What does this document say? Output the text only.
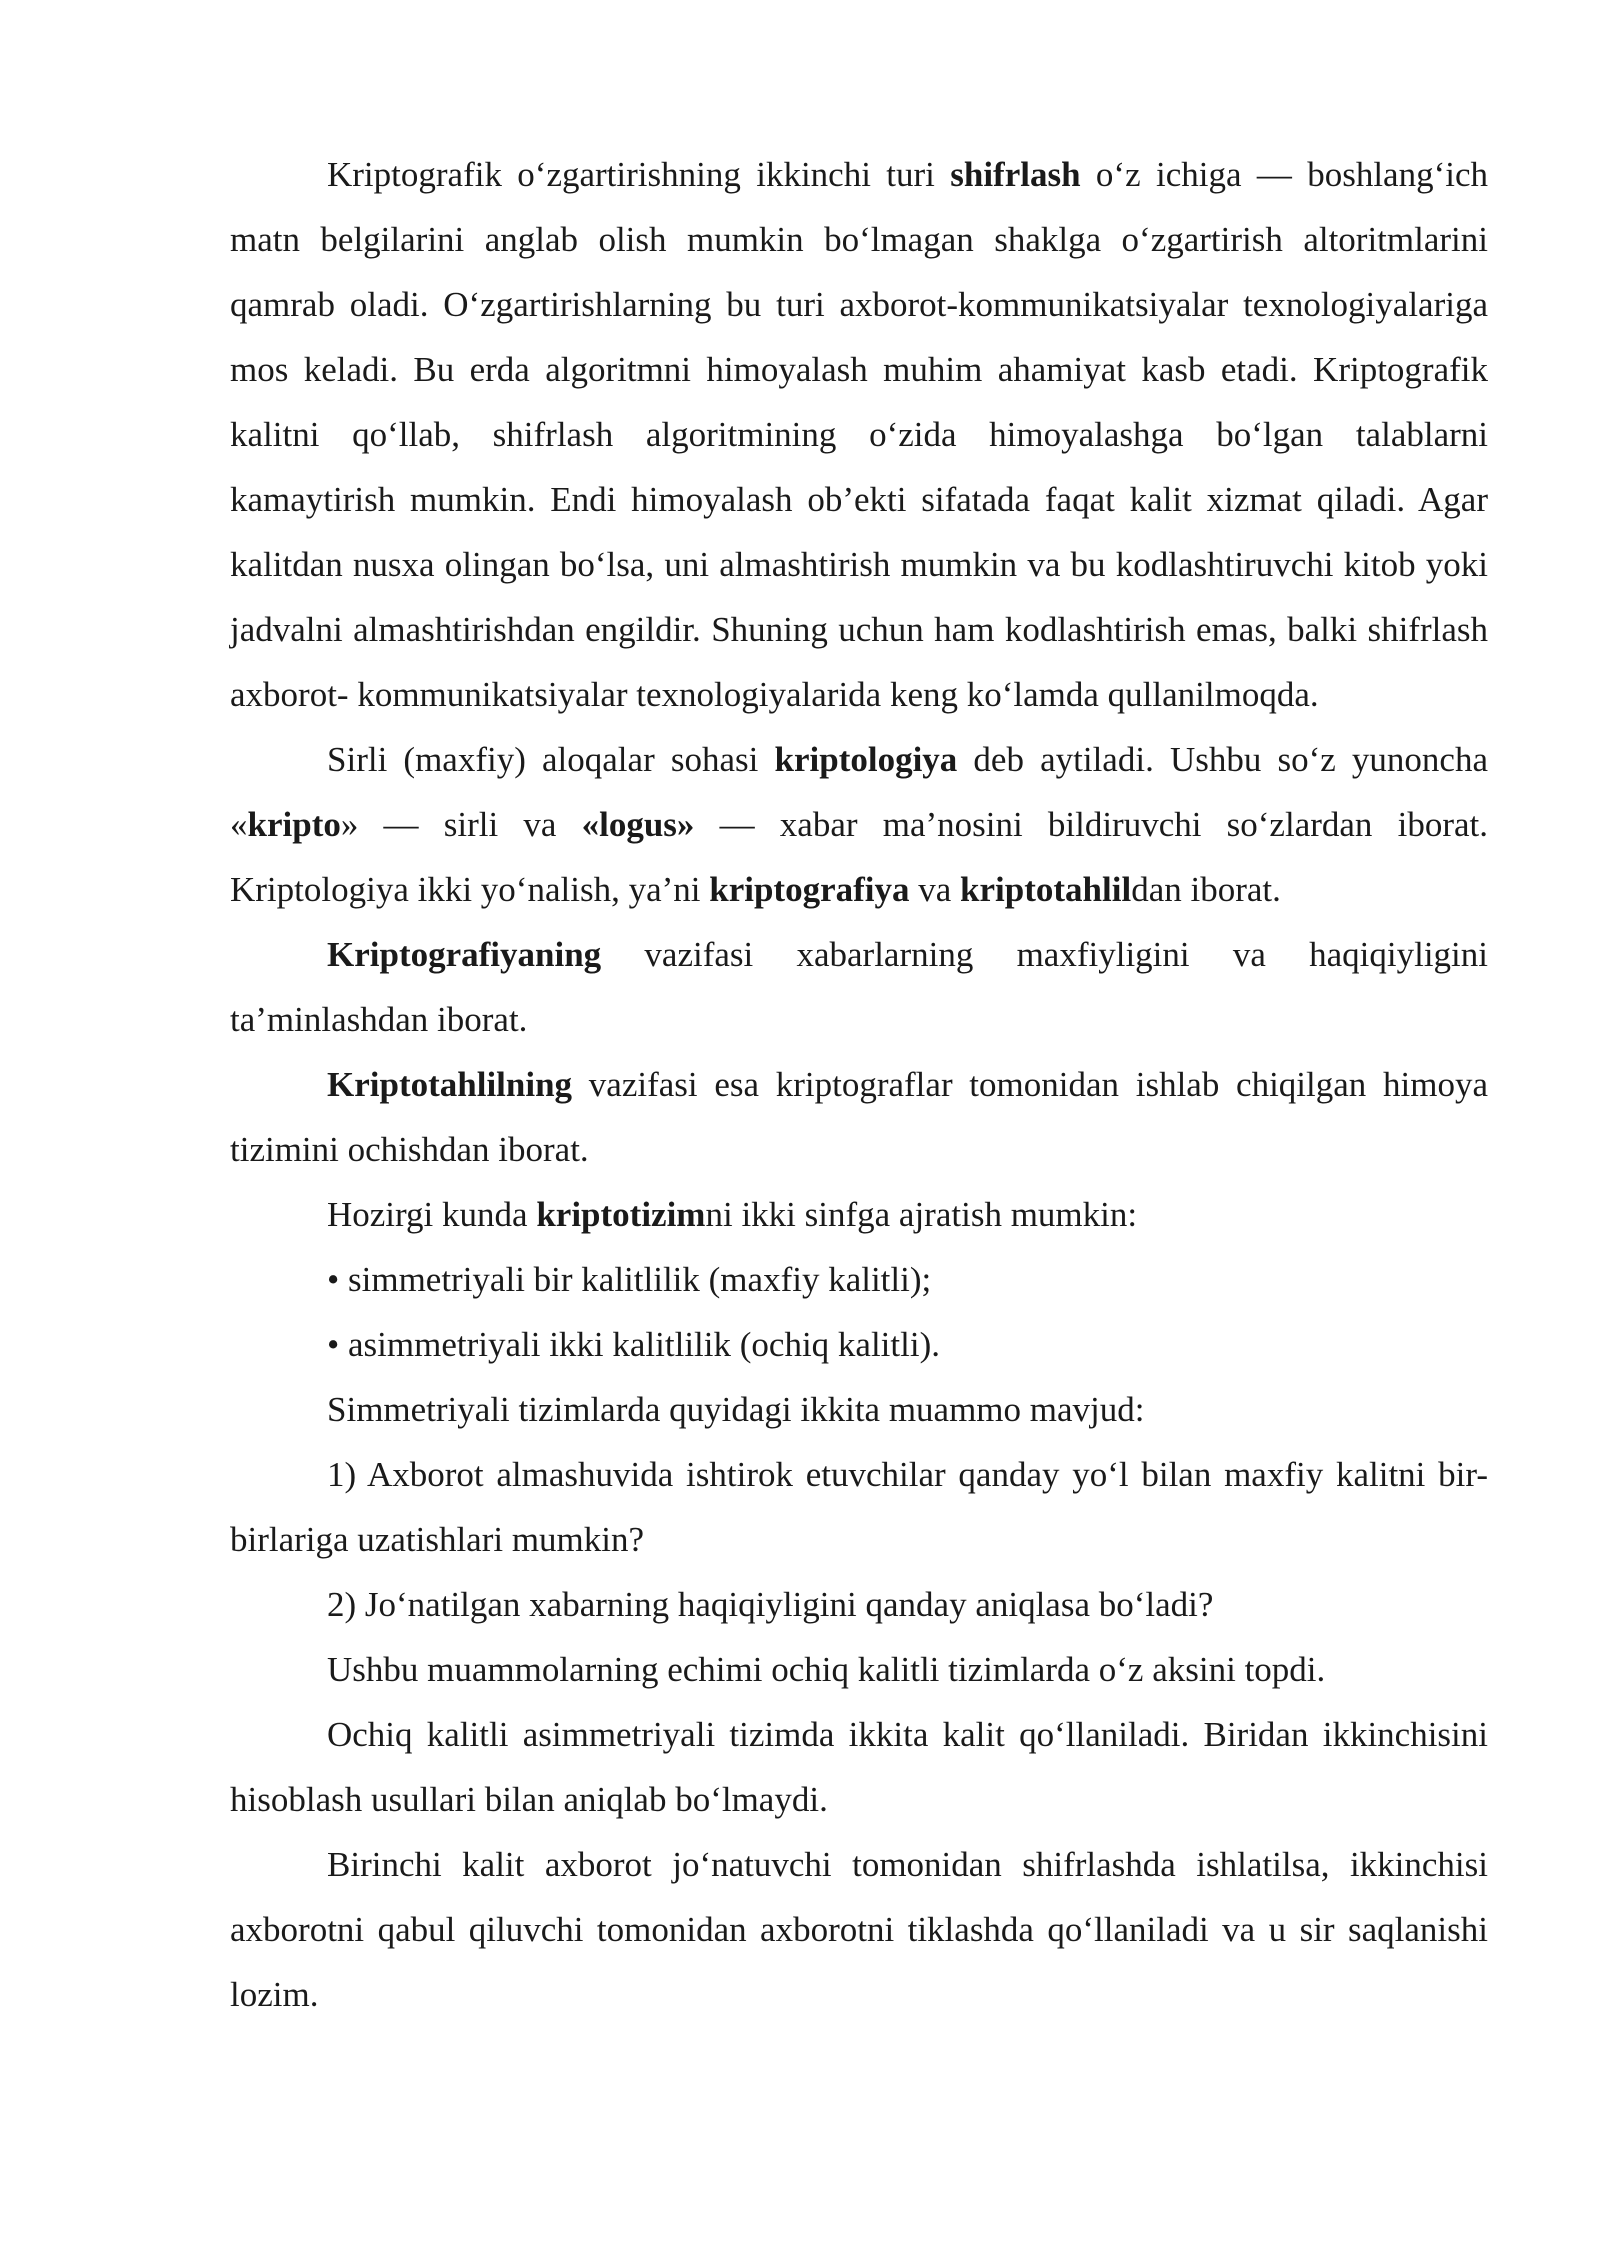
Kriptografik o‘zgartirishning ikkinchi turi shifrlash o‘z ichiga — boshlang‘ich matn belgilarini anglab olish mumkin bo‘lmagan shaklga o‘zgartirish altoritmlarini qamrab oladi. O‘zgartirishlarning bu turi axborot-kommunikatsiyalar texnologiyalariga mos keladi. Bu erda algoritmni himoyalash muhim ahamiyat kasb etadi. Kriptografik kalitni qo‘llab, shifrlash algoritmining o‘zida himoyalashga bo‘lgan talablarni kamaytirish mumkin. Endi himoyalash ob’ekti sifatada faqat kalit xizmat qiladi. Agar kalitdan nusxa olingan bo‘lsa, uni almashtirish mumkin va bu kodlashtiruvchi kitob yoki jadvalni almashtirishdan engildir. Shuning uchun ham kodlashtirish emas, balki shifrlash axborot- kommunikatsiyalar texnologiyalarida keng ko‘lamda qullanilmoqda.

Sirli (maxfiy) aloqalar sohasi kriptologiya deb aytiladi. Ushbu so‘z yunoncha «kripto» — sirli va «logus» — xabar ma’nosini bildiruvchi so‘zlardan iborat. Kriptologiya ikki yo‘nalish, ya’ni kriptografiya va kriptotahlildan iborat.

Kriptografiyaning vazifasi xabarlarning maxfiyligini va haqiqiyligini ta’minlashdan iborat.

Kriptotahlilning vazifasi esa kriptograflar tomonidan ishlab chiqilgan himoya tizimini ochishdan iborat.

Hozirgi kunda kriptotizimni ikki sinfga ajratish mumkin:

• simmetriyali bir kalitlilik (maxfiy kalitli);

• asimmetriyali ikki kalitlilik (ochiq kalitli).

Simmetriyali tizimlarda quyidagi ikkita muammo mavjud:

1) Axborot almashuvida ishtirok etuvchilar qanday yo‘l bilan maxfiy kalitni bir-birlariga uzatishlari mumkin?

2) Jo‘natilgan xabarning haqiqiyligini qanday aniqlasa bo‘ladi?

Ushbu muammolarning echimi ochiq kalitli tizimlarda o‘z aksini topdi.

Ochiq kalitli asimmetriyali tizimda ikkita kalit qo‘llaniladi. Biridan ikkinchisini hisoblash usullari bilan aniqlab bo‘lmaydi.

Birinchi kalit axborot jo‘natuvchi tomonidan shifrlashda ishlatilsa, ikkinchisi axborotni qabul qiluvchi tomonidan axborotni tiklashda qo‘llaniladi va u sir saqlanishi lozim.
